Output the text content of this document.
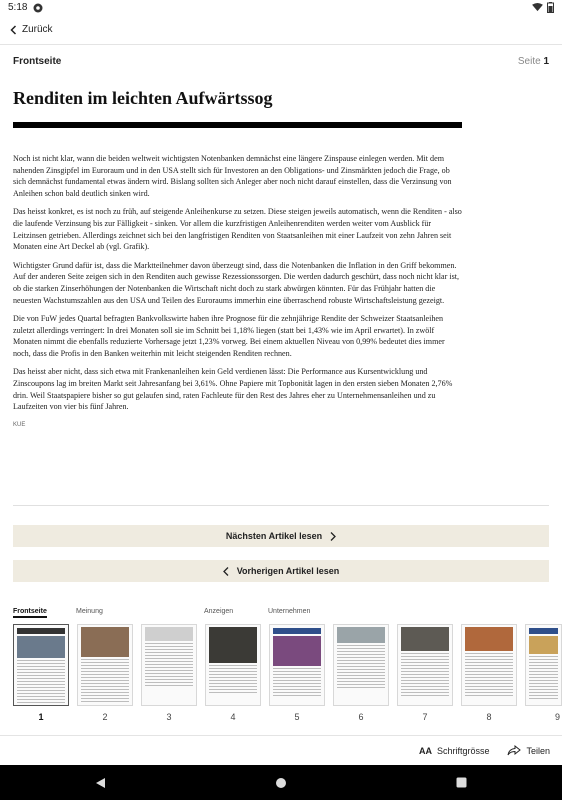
5:18
Zurück
Frontseite	Seite 1
Renditen im leichten Aufwärtssog

Noch ist nicht klar, wann die beiden weltweit wichtigsten Notenbanken demnächst eine längere Zinspause einlegen werden. Mit dem nahenden Zinsgipfel im Euroraum und in den USA stellt sich für Investoren an den Obligations- und Zinsmärkten jedoch die Frage, ob sich demnächst fundamental etwas ändern wird. Bislang sollten sich Anleger aber noch nicht darauf einstellen, dass die Verzinsung von Anleihen schon bald deutlich sinken wird.

Das heisst konkret, es ist noch zu früh, auf steigende Anleihenkurse zu setzen. Diese steigen jeweils automatisch, wenn die Renditen - also die laufende Verzinsung bis zur Fälligkeit - sinken. Vor allem die kurzfristigen Anleihenrenditen werden weiter vom Ausblick für Leitzinsen getrieben. Allerdings zeichnet sich bei den langfristigen Renditen von Staatsanleihen mit einer Laufzeit von zehn Jahren seit Monaten eine Art Deckel ab (vgl. Grafik).

Wichtigster Grund dafür ist, dass die Marktteilnehmer davon überzeugt sind, dass die Notenbanken die Inflation in den Griff bekommen. Auf der anderen Seite zeigen sich in den Renditen auch gewisse Rezessionssorgen. Die werden dadurch geschürt, dass noch nicht klar ist, ob die starken Zinserhöhungen der Notenbanken die Wirtschaft nicht doch zu stark abwürgen könnten. Für das Frühjahr hatten die neuesten Wachstumszahlen aus den USA und Teilen des Euroraums immerhin eine überraschend robuste Wirtschaftsleistung gezeigt.

Die von FuW jedes Quartal befragten Bankvolkswirte haben ihre Prognose für die zehnjährige Rendite der Schweizer Staatsanleihen zuletzt allerdings verringert: In drei Monaten soll sie im Schnitt bei 1,18% liegen (statt bei 1,43% wie im April erwartet). In zwölf Monaten nimmt die ebenfalls reduzierte Vorhersage jetzt 1,23% vorweg. Bei einem aktuellen Niveau von 0,99% bedeutet dies immer noch, dass die Profis in den Banken weiterhin mit leicht steigenden Renditen rechnen.

Das heisst aber nicht, dass sich etwa mit Frankenanleihen kein Geld verdienen lässt: Die Performance aus Kursentwicklung und Zinscoupons lag im breiten Markt seit Jahresanfang bei 3,61%. Ohne Papiere mit Topbonität lagen in den ersten sieben Monaten 2,76% drin. Weil Staatspapiere bisher so gut gelaufen sind, raten Fachleute für den Rest des Jahres eher zu Unternehmensanleihen und zu Laufzeiten von vier bis fünf Jahren.

KUE
Nächsten Artikel lesen
Vorherigen Artikel lesen
Frontseite	Meinung	Anzeigen	Unternehmen
1	2	3	4	5	6	7	8	9
AA Schriftgrösse	Teilen
